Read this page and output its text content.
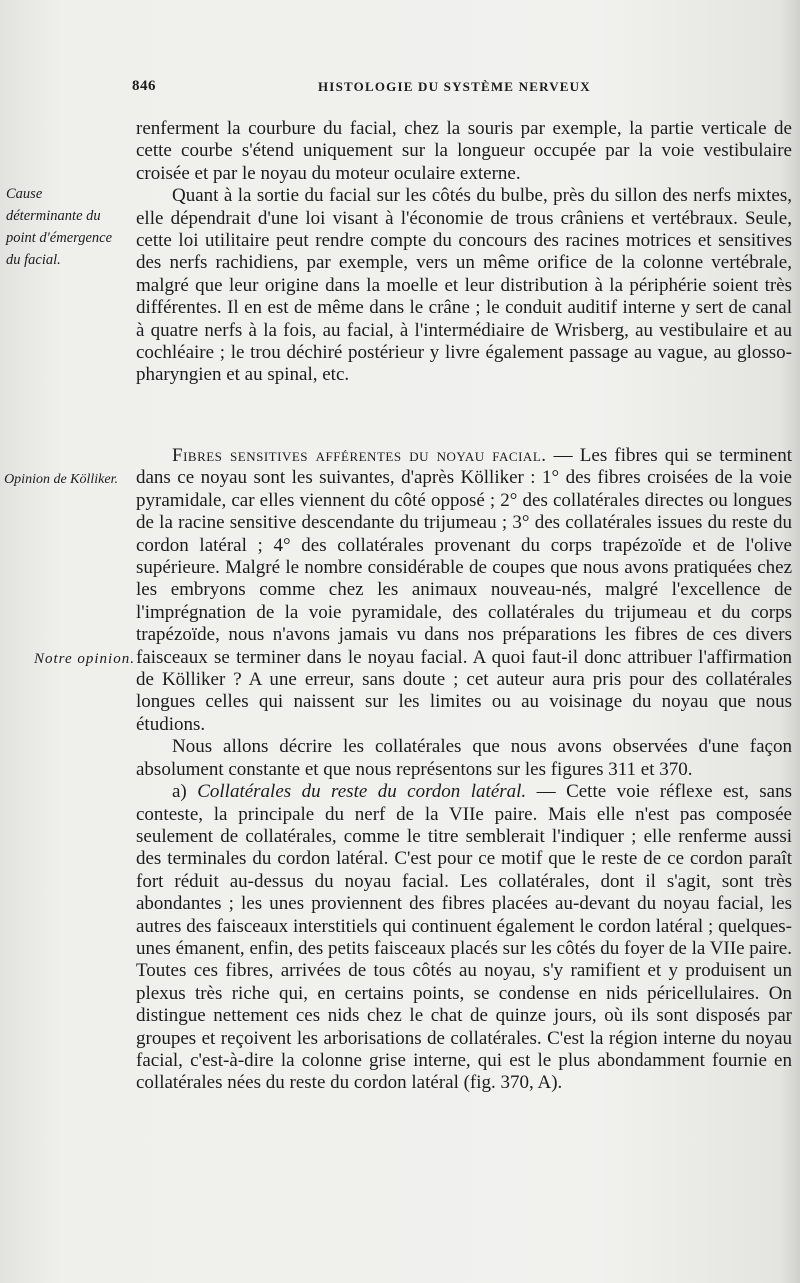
846	HISTOLOGIE DU SYSTÈME NERVEUX
Cause déterminante du point d'émergence du facial.
Opinion de Kölliker.
Notre opinion.

renferment la courbure du facial, chez la souris par exemple, la partie verticale de cette courbe s'étend uniquement sur la longueur occupée par la voie vestibulaire croisée et par le noyau du moteur oculaire externe.

Quant à la sortie du facial sur les côtés du bulbe, près du sillon des nerfs mixtes, elle dépendrait d'une loi visant à l'économie de trous crâniens et vertébraux. Seule, cette loi utilitaire peut rendre compte du concours des racines motrices et sensitives des nerfs rachidiens, par exemple, vers un même orifice de la colonne vertébrale, malgré que leur origine dans la moelle et leur distribution à la périphérie soient très différentes. Il en est de même dans le crâne ; le conduit auditif interne y sert de canal à quatre nerfs à la fois, au facial, à l'intermédiaire de Wrisberg, au vestibulaire et au cochléaire ; le trou déchiré postérieur y livre également passage au vague, au glosso-pharyngien et au spinal, etc.

Fibres sensitives afférentes du noyau facial. — Les fibres qui se terminent dans ce noyau sont les suivantes, d'après Kölliker : 1° des fibres croisées de la voie pyramidale, car elles viennent du côté opposé ; 2° des collatérales directes ou longues de la racine sensitive descendante du trijumeau ; 3° des collatérales issues du reste du cordon latéral ; 4° des collatérales provenant du corps trapézoïde et de l'olive supérieure. Malgré le nombre considérable de coupes que nous avons pratiquées chez les embryons comme chez les animaux nouveau-nés, malgré l'excellence de l'imprégnation de la voie pyramidale, des collatérales du trijumeau et du corps trapézoïde, nous n'avons jamais vu dans nos préparations les fibres de ces divers faisceaux se terminer dans le noyau facial. A quoi faut-il donc attribuer l'affirmation de Kölliker ? A une erreur, sans doute ; cet auteur aura pris pour des collatérales longues celles qui naissent sur les limites ou au voisinage du noyau que nous étudions.

Nous allons décrire les collatérales que nous avons observées d'une façon absolument constante et que nous représentons sur les figures 311 et 370.

a) Collatérales du reste du cordon latéral. — Cette voie réflexe est, sans conteste, la principale du nerf de la VIIe paire. Mais elle n'est pas composée seulement de collatérales, comme le titre semblerait l'indiquer ; elle renferme aussi des terminales du cordon latéral. C'est pour ce motif que le reste de ce cordon paraît fort réduit au-dessus du noyau facial. Les collatérales, dont il s'agit, sont très abondantes ; les unes proviennent des fibres placées au-devant du noyau facial, les autres des faisceaux interstitiels qui continuent également le cordon latéral ; quelques-unes émanent, enfin, des petits faisceaux placés sur les côtés du foyer de la VIIe paire. Toutes ces fibres, arrivées de tous côtés au noyau, s'y ramifient et y produisent un plexus très riche qui, en certains points, se condense en nids péricellulaires. On distingue nettement ces nids chez le chat de quinze jours, où ils sont disposés par groupes et reçoivent les arborisations de collatérales. C'est la région interne du noyau facial, c'est-à-dire la colonne grise interne, qui est le plus abondamment fournie en collatérales nées du reste du cordon latéral (fig. 370, A).
